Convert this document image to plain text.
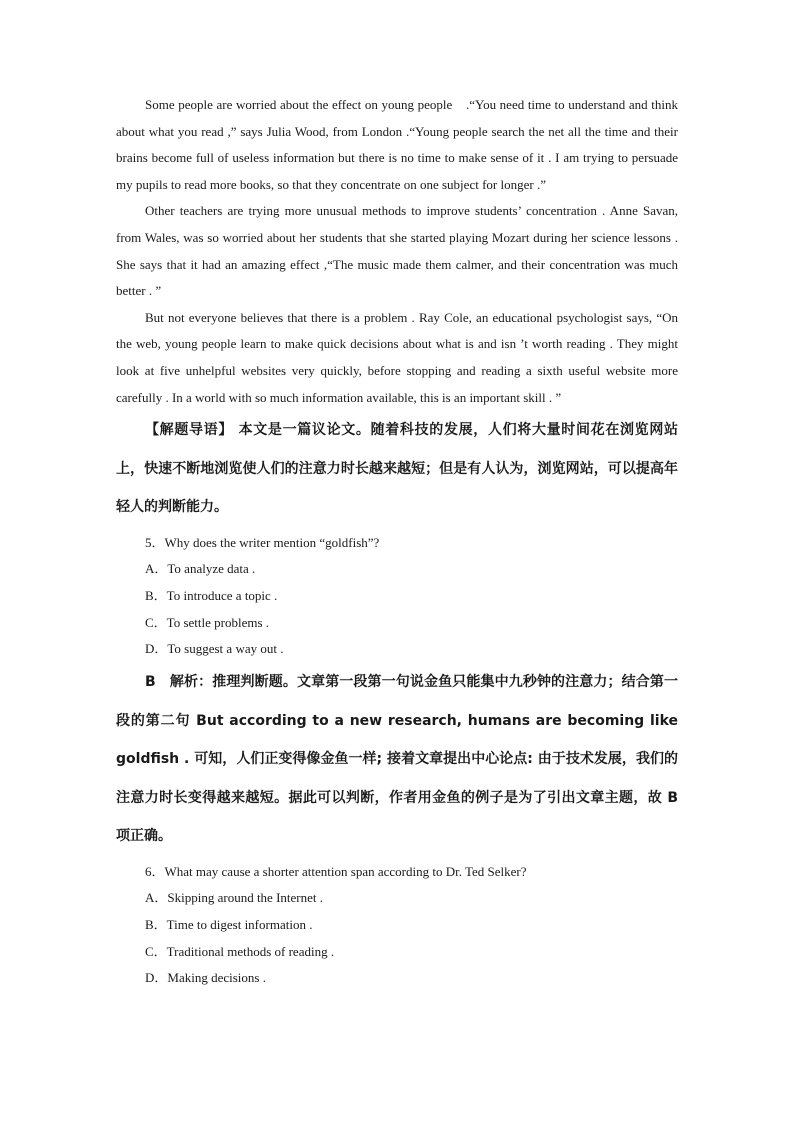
Some people are worried about the effect on young people　.“You need time to understand and think about what you read ,” says Julia Wood, from London .“Young people search the net all the time and their brains become full of useless information but there is no time to make sense of it . I am trying to persuade my pupils to read more books, so that they concentrate on one subject for longer .”

Other teachers are trying more unusual methods to improve students’ concentration . Anne Savan, from Wales, was so worried about her students that she started playing Mozart during her science lessons . She says that it had an amazing effect ,“The music made them calmer, and their concentration was much better . ”

But not everyone believes that there is a problem . Ray Cole, an educational psychologist says, “On the web, young people learn to make quick decisions about what is and isn ’t worth reading . They might look at five unhelpful websites very quickly, before stopping and reading a sixth useful website more carefully . In a world with so much information available, this is an important skill . ”

【解题导语】 本文是一篇议论文。随着科技的发展，人们将大量时间花在浏览网站上，快速不断地浏览使人们的注意力时长越来越短；但是有人认为，浏览网站，可以提高年轻人的判断能力。

5．Why does the writer mention “goldfish”?

A．To analyze data .

B．To introduce a topic .

C．To settle problems .

D．To suggest a way out .

B　解析：推理判断题。文章第一段第一句说金鱼只能集中九秒钟的注意力；结合第一段的第二句 But according to a new research, humans are becoming like goldfish . 可知，人们正变得像金鱼一样; 接着文章提出中心论点: 由于技术发展，我们的注意力时长变得越来越短。据此可以判断，作者用金鱼的例子是为了引出文章主题，故 B 项正确。

6．What may cause a shorter attention span according to Dr. Ted Selker?

A．Skipping around the Internet .

B．Time to digest information .

C．Traditional methods of reading .

D．Making decisions .
